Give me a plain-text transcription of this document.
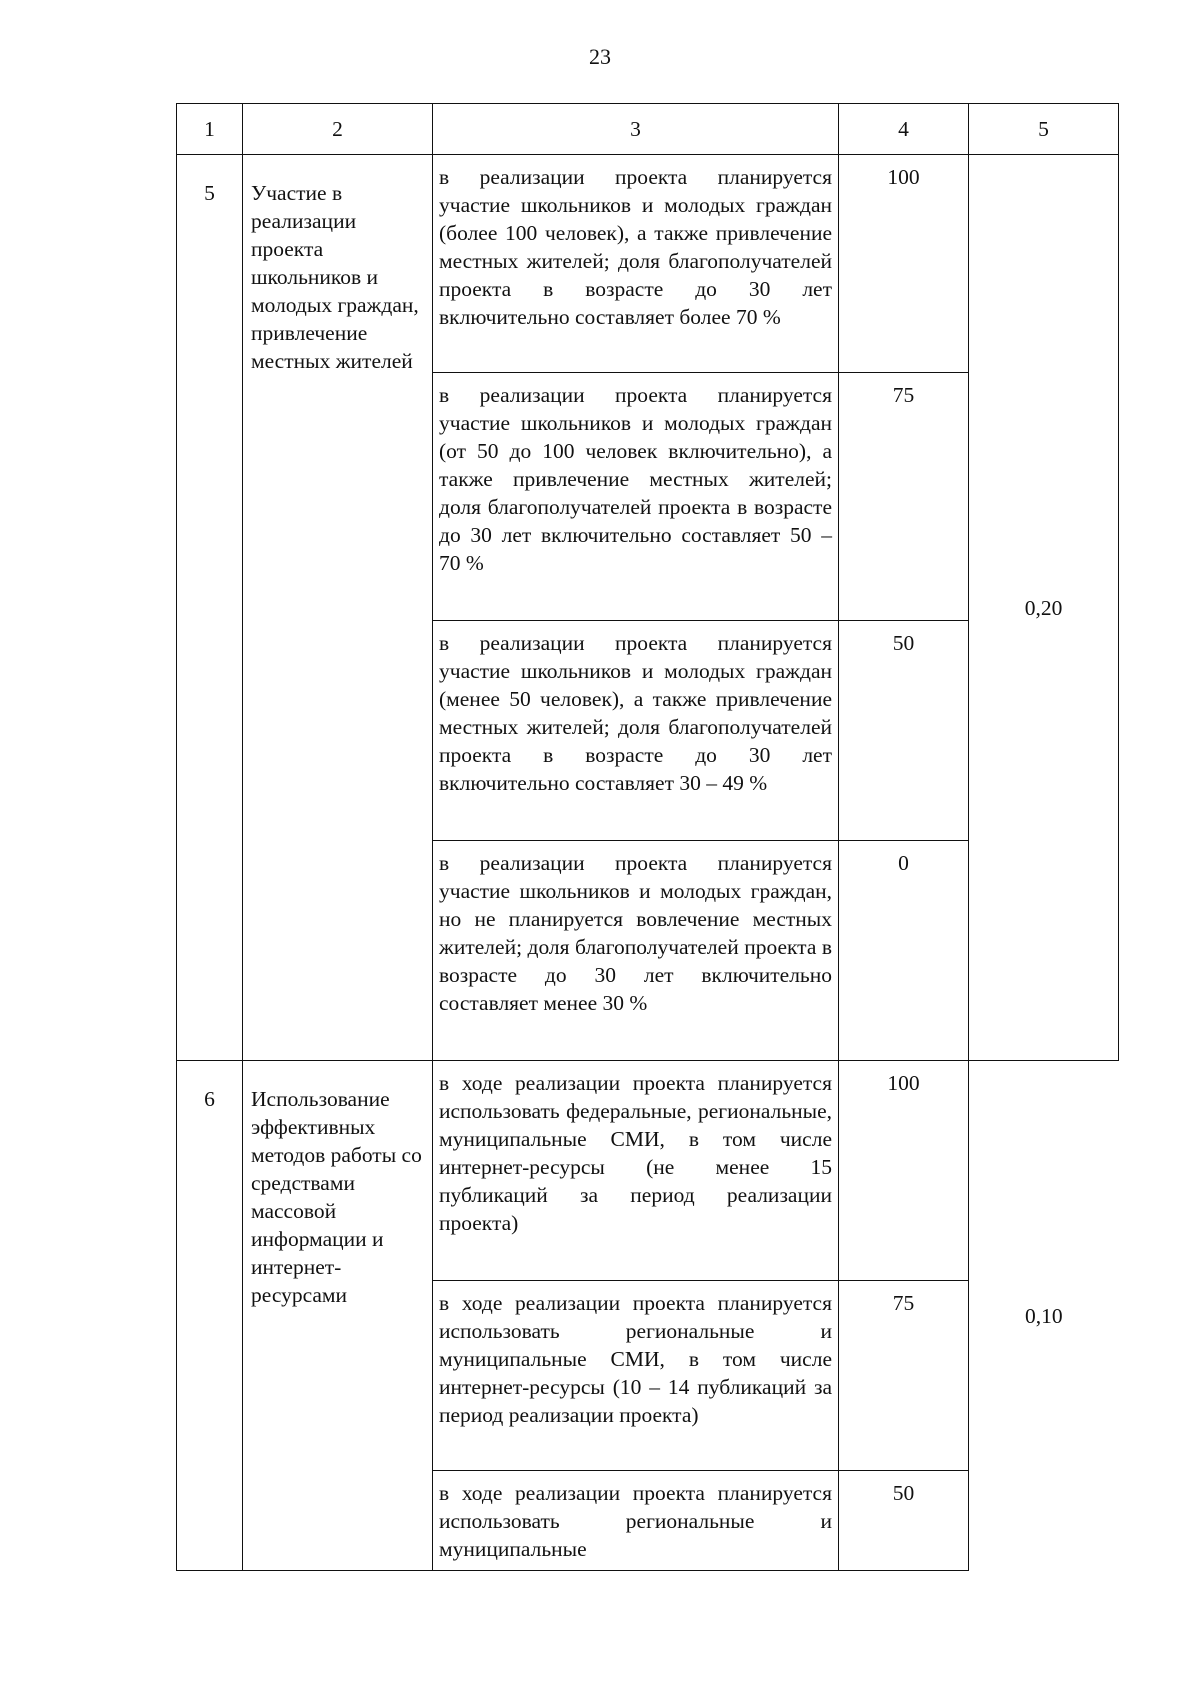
23
1	2	3	4	5
5	Участие в реализации проекта школьников и молодых граждан, привлечение местных жителей	в реализации проекта планируется участие школьников и молодых граждан (более 100 человек), а также привлечение местных жителей; доля благополучателей проекта в возрасте до 30 лет включительно составляет более 70 %	100	0,20
		в реализации проекта планируется участие школьников и молодых граждан (от 50 до 100 человек включительно), а также привлечение местных жителей; доля благополучателей проекта в возрасте до 30 лет включительно составляет 50 – 70 %	75	
		в реализации проекта планируется участие школьников и молодых граждан (менее 50 человек), а также привлечение местных жителей; доля благополучателей проекта в возрасте до 30 лет включительно составляет 30 – 49 %	50	
		в реализации проекта планируется участие школьников и молодых граждан, но не планируется вовлечение местных жителей; доля благополучателей проекта в возрасте до 30 лет включительно составляет менее 30 %	0	
6	Использование эффективных методов работы со средствами массовой информации и интернет-ресурсами	в ходе реализации проекта планируется использовать федеральные, региональные, муниципальные СМИ, в том числе интернет-ресурсы (не менее 15 публикаций за период реализации проекта)	100	0,10
		в ходе реализации проекта планируется использовать региональные и муниципальные СМИ, в том числе интернет-ресурсы (10 – 14 публикаций за период реализации проекта)	75	
		в ходе реализации проекта планируется использовать региональные и муниципальные	50	
